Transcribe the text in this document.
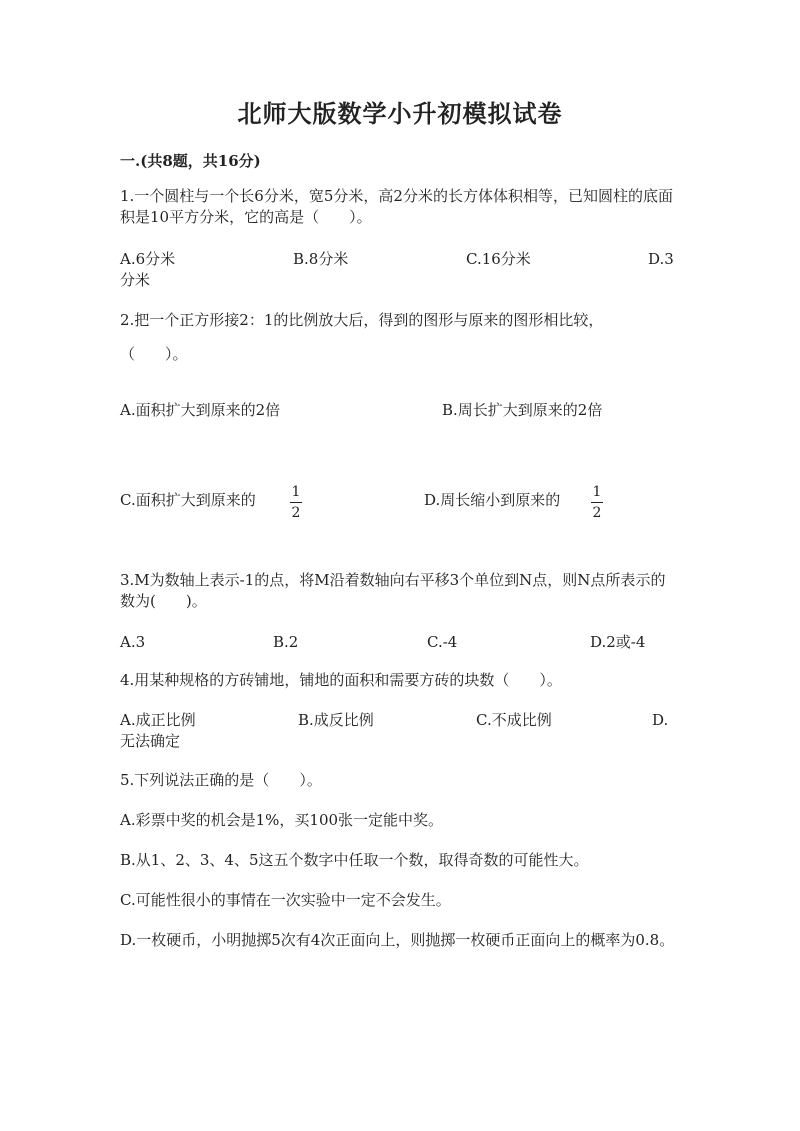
北师大版数学小升初模拟试卷
一.(共8题，共16分)
1.一个圆柱与一个长6分米，宽5分米，高2分米的长方体体积相等，已知圆柱的底面积是10平方分米，它的高是（　　）。
A.6分米	B.8分米	C.16分米	D.3
分米
2.把一个正方形接2：1的比例放大后，得到的图形与原来的图形相比较，
（　　）。
A.面积扩大到原来的2倍	B.周长扩大到原来的2倍
C.面积扩大到原来的	1
2
D.周长缩小到原来的 1
2
3.M为数轴上表示-1的点，将M沿着数轴向右平移3个单位到N点，则N点所表示的数为(　　)。
A.3	B.2	C.-4	D.2或-4
4.用某种规格的方砖铺地，铺地的面积和需要方砖的块数（　　）。
A.成正比例	B.成反比例	C.不成比例	D.
无法确定
5.下列说法正确的是（　　）。
A.彩票中奖的机会是1%，买100张一定能中奖。
B.从1、2、3、4、5这五个数字中任取一个数，取得奇数的可能性大。
C.可能性很小的事情在一次实验中一定不会发生。
D.一枚硬币，小明抛掷5次有4次正面向上，则抛掷一枚硬币正面向上的概率为0.8。
